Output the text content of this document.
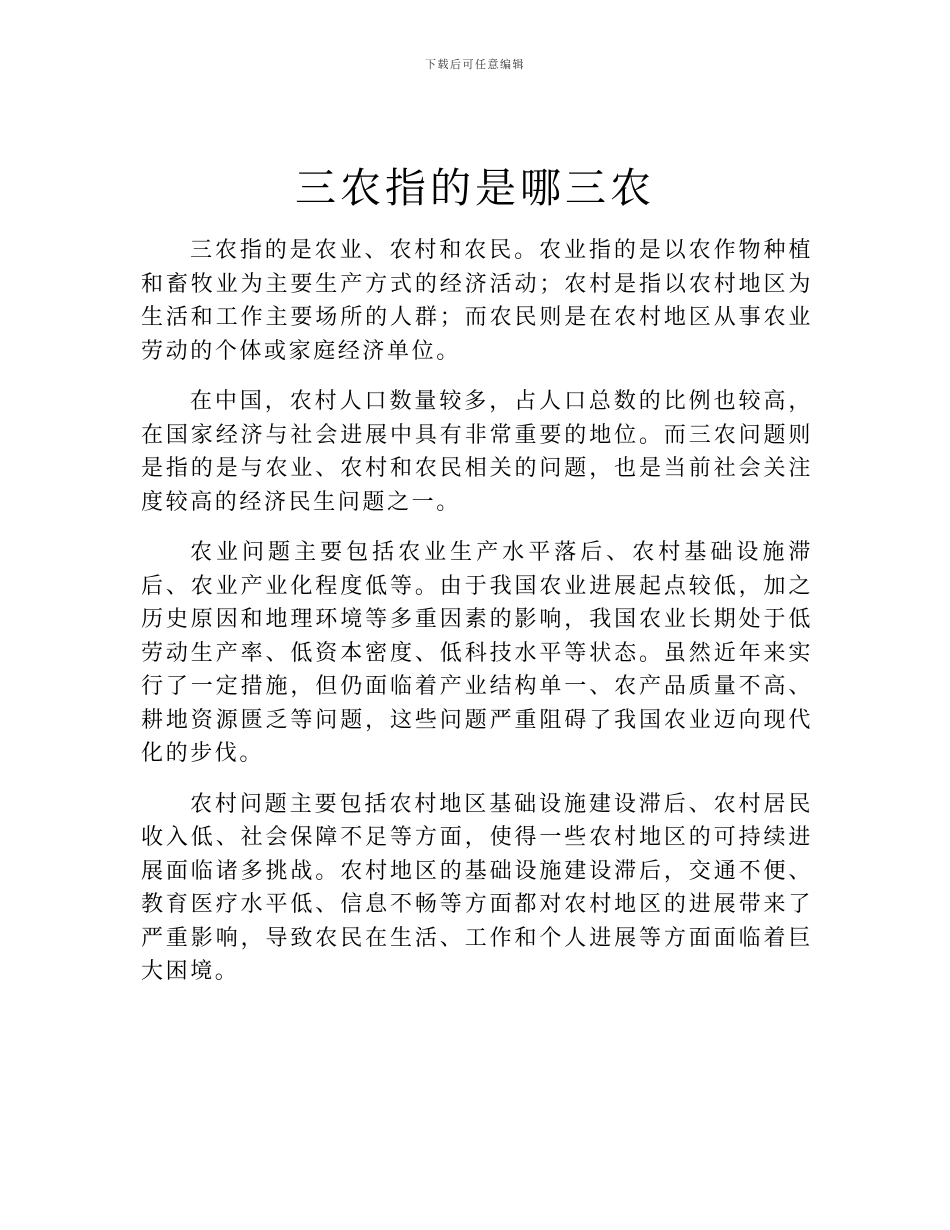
下载后可任意编辑
三农指的是哪三农

三农指的是农业、农村和农民。农业指的是以农作物种植和畜牧业为主要生产方式的经济活动；农村是指以农村地区为生活和工作主要场所的人群；而农民则是在农村地区从事农业劳动的个体或家庭经济单位。

在中国，农村人口数量较多，占人口总数的比例也较高，在国家经济与社会进展中具有非常重要的地位。而三农问题则是指的是与农业、农村和农民相关的问题，也是当前社会关注度较高的经济民生问题之一。

农业问题主要包括农业生产水平落后、农村基础设施滞后、农业产业化程度低等。由于我国农业进展起点较低，加之历史原因和地理环境等多重因素的影响，我国农业长期处于低劳动生产率、低资本密度、低科技水平等状态。虽然近年来实行了一定措施，但仍面临着产业结构单一、农产品质量不高、耕地资源匮乏等问题，这些问题严重阻碍了我国农业迈向现代化的步伐。

农村问题主要包括农村地区基础设施建设滞后、农村居民收入低、社会保障不足等方面，使得一些农村地区的可持续进展面临诸多挑战。农村地区的基础设施建设滞后，交通不便、教育医疗水平低、信息不畅等方面都对农村地区的进展带来了严重影响，导致农民在生活、工作和个人进展等方面面临着巨大困境。
